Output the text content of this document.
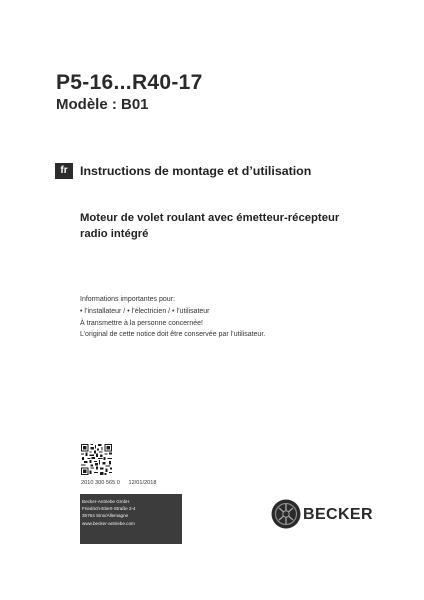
P5-16...R40-17
Modèle : B01
fr Instructions de montage et d’utilisation
Moteur de volet roulant avec émetteur-récepteur
radio intégré
Informations importantes pour:
• l’installateur / • l’électricien / • l’utilisateur
À transmettre à la personne concernée!
L’original de cette notice doit être conservée par l’utilisateur.
2010 300 565 0 12/01/2018
Becker-Antriebe GmbH
Friedrich-Ebert-Straße 2-4
35764 Sinn/Allemagne
www.becker-antriebe.com
BECKER
